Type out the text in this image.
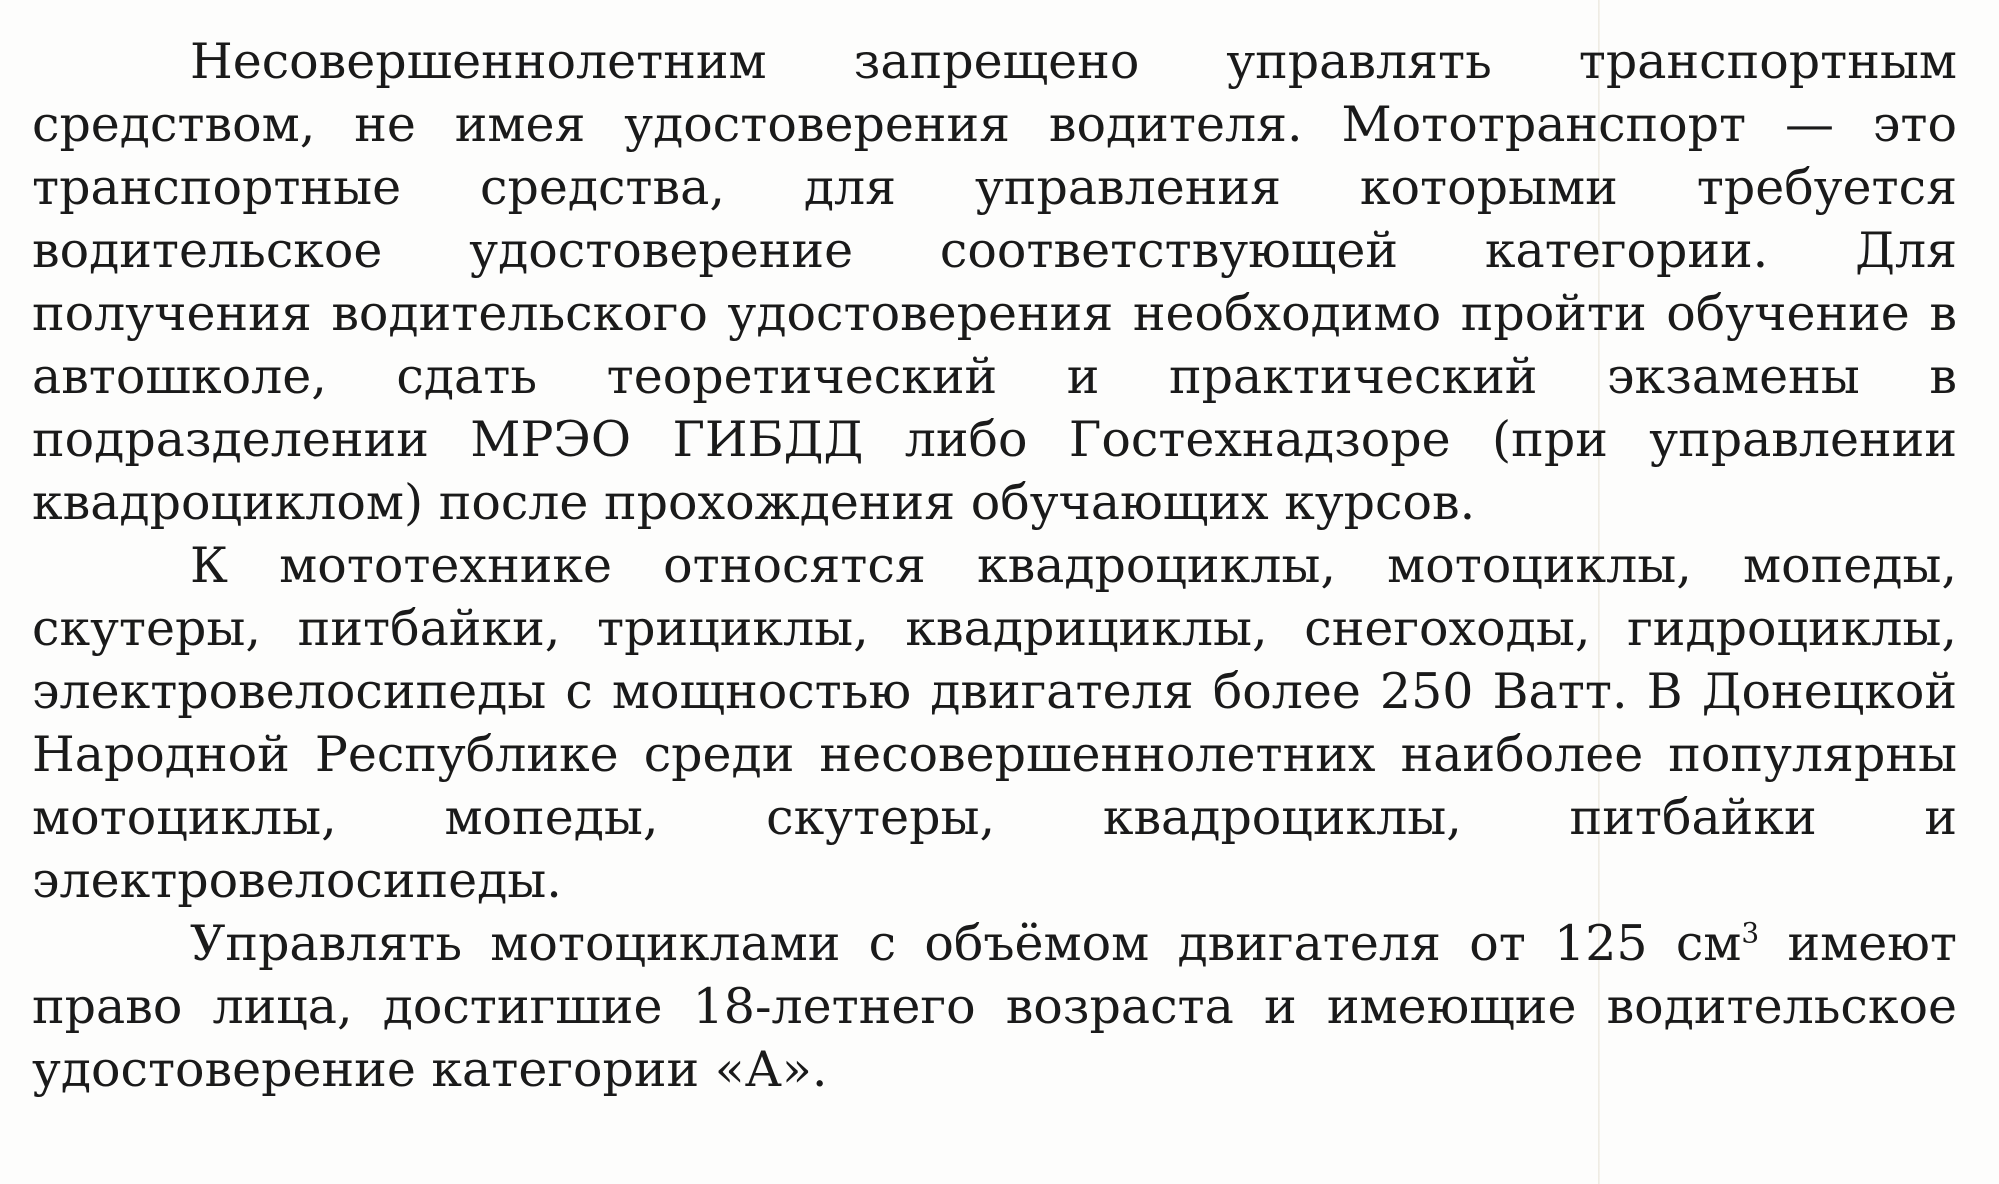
Несовершеннолетним запрещено управлять транспортным средством, не имея удостоверения водителя. Мототранспорт — это транспортные средства, для управления которыми требуется водительское удостоверение соответствующей категории. Для получения водительского удостоверения необходимо пройти обучение в автошколе, сдать теоретический и практический экзамены в подразделении МРЭО ГИБДД либо Гостехнадзоре (при управлении квадроциклом) после прохождения обучающих курсов.

К мототехнике относятся квадроциклы, мотоциклы, мопеды, скутеры, питбайки, трициклы, квадрициклы, снегоходы, гидроциклы, электровелосипеды с мощностью двигателя более 250 Ватт. В Донецкой Народной Республике среди несовершеннолетних наиболее популярны мотоциклы, мопеды, скутеры, квадроциклы, питбайки и электровелосипеды.

Управлять мотоциклами с объёмом двигателя от 125 $см^3$ имеют право лица, достигшие 18-летнего возраста и имеющие водительское удостоверение категории «А».
